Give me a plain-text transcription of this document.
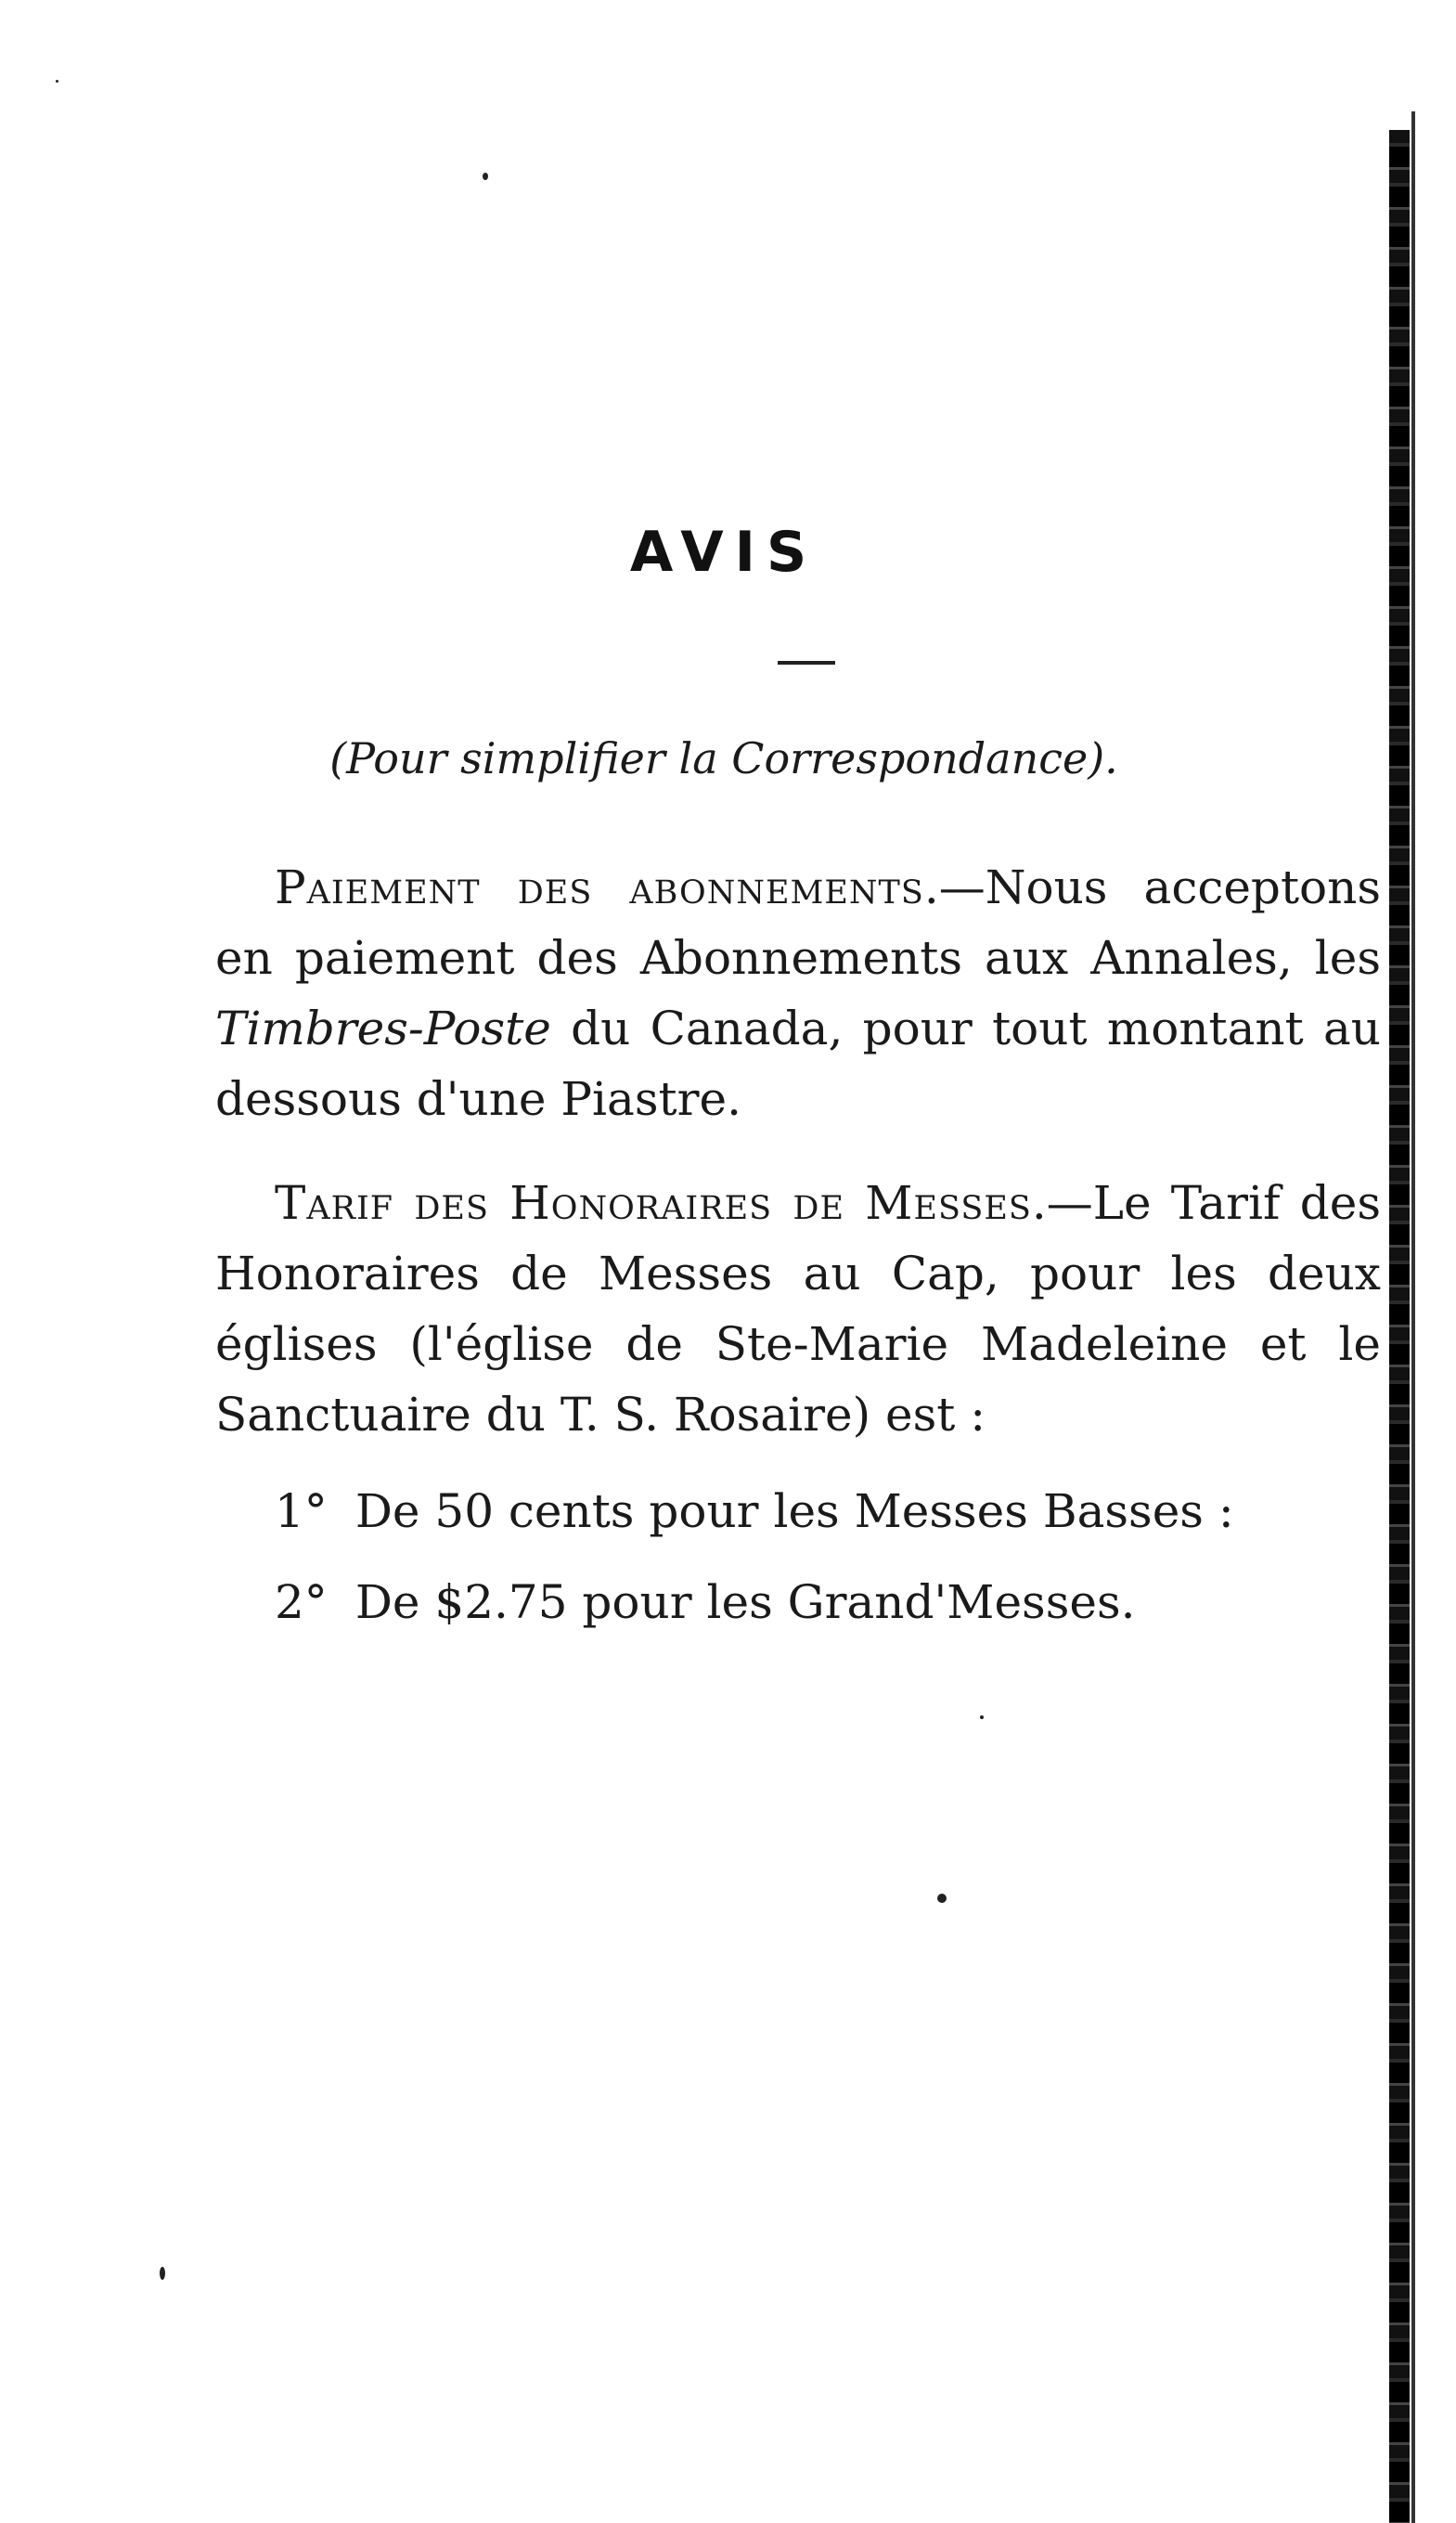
AVIS
(Pour simplifier la Correspondance).
Paiement des abonnements.—Nous acceptons en paiement des Abonnements aux Annales, les Timbres-Poste du Canada, pour tout montant au dessous d'une Piastre.
Tarif des Honoraires de Messes.—Le Tarif des Honoraires de Messes au Cap, pour les deux églises (l'église de Ste-Marie Madeleine et le Sanctuaire du T. S. Rosaire) est :
1° De 50 cents pour les Messes Basses :
2° De $2.75 pour les Grand'Messes.
